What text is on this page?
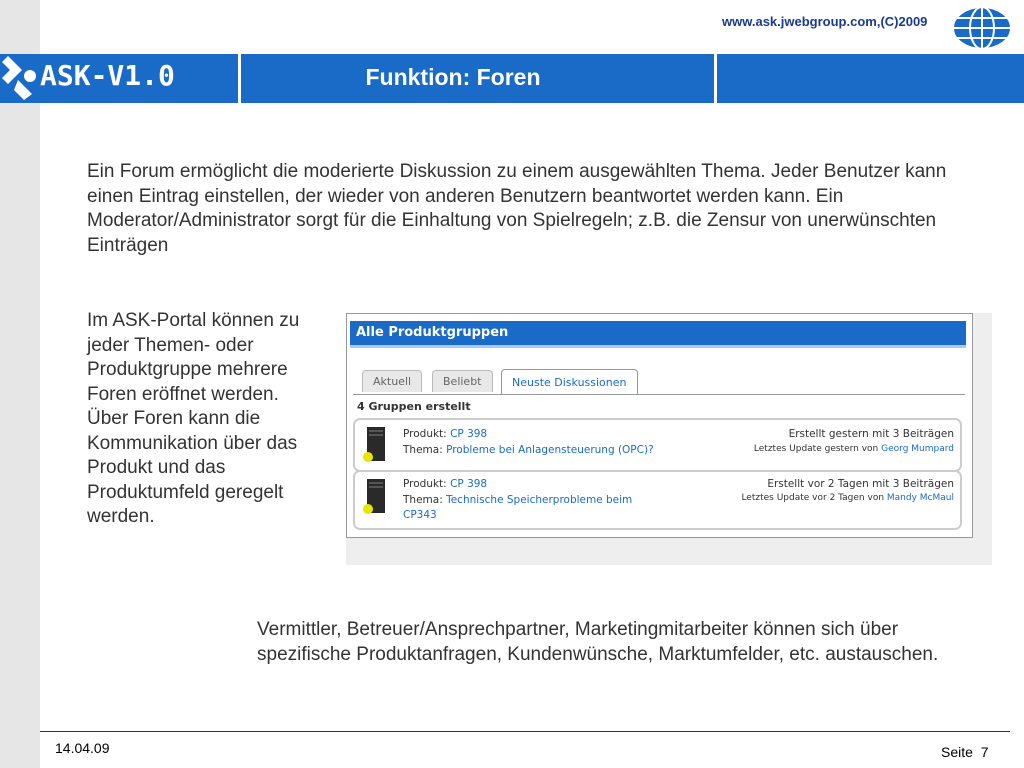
www.ask.jwebgroup.com,(C)2009
ASK-V1.0	Funktion: Foren
Ein Forum ermöglicht die moderierte Diskussion zu einem ausgewählten Thema. Jeder Benutzer kann einen Eintrag einstellen, der wieder von anderen Benutzern beantwortet werden kann. Ein Moderator/Administrator sorgt für die Einhaltung von Spielregeln; z.B. die Zensur von unerwünschten Einträgen
Im ASK-Portal können zu jeder Themen- oder Produktgruppe mehrere Foren eröffnet werden.
Über Foren kann die Kommunikation über das Produkt und das Produktumfeld geregelt werden.
Alle Produktgruppen
Aktuell	Beliebt	Neuste Diskussionen
4 Gruppen erstellt
Produkt: CP 398
Thema: Probleme bei Anlagensteuerung (OPC)?
Erstellt gestern mit 3 Beiträgen
Letztes Update gestern von Georg Mumpard
Produkt: CP 398
Thema: Technische Speicherprobleme beim CP343
Erstellt vor 2 Tagen mit 3 Beiträgen
Letztes Update vor 2 Tagen von Mandy McMaul
Vermittler, Betreuer/Ansprechpartner, Marketingmitarbeiter können sich über spezifische Produktanfragen, Kundenwünsche, Marktumfelder, etc. austauschen.
14.04.09	Seite 7
